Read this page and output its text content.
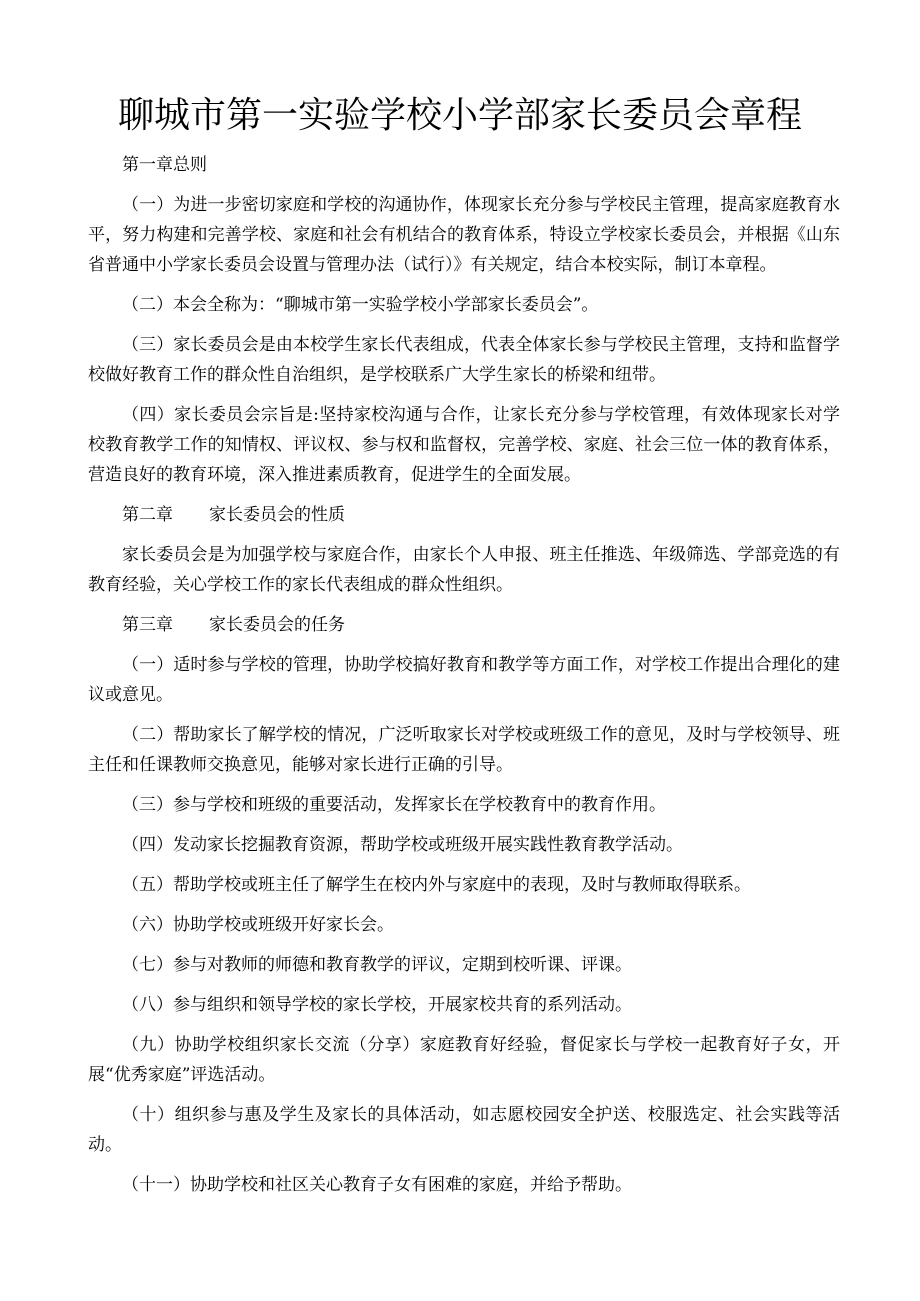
聊城市第一实验学校小学部家长委员会章程

第一章总则

（一）为进一步密切家庭和学校的沟通协作，体现家长充分参与学校民主管理，提高家庭教育水平，努力构建和完善学校、家庭和社会有机结合的教育体系，特设立学校家长委员会，并根据《山东省普通中小学家长委员会设置与管理办法（试行）》有关规定，结合本校实际，制订本章程。

（二）本会全称为：“聊城市第一实验学校小学部家长委员会”。

（三）家长委员会是由本校学生家长代表组成，代表全体家长参与学校民主管理，支持和监督学校做好教育工作的群众性自治组织，是学校联系广大学生家长的桥梁和纽带。

（四）家长委员会宗旨是:坚持家校沟通与合作，让家长充分参与学校管理，有效体现家长对学校教育教学工作的知情权、评议权、参与权和监督权，完善学校、家庭、社会三位一体的教育体系，营造良好的教育环境，深入推进素质教育，促进学生的全面发展。

第二章 家长委员会的性质

家长委员会是为加强学校与家庭合作，由家长个人申报、班主任推选、年级筛选、学部竞选的有教育经验，关心学校工作的家长代表组成的群众性组织。

第三章 家长委员会的任务

（一）适时参与学校的管理，协助学校搞好教育和教学等方面工作，对学校工作提出合理化的建议或意见。

（二）帮助家长了解学校的情况，广泛听取家长对学校或班级工作的意见，及时与学校领导、班主任和任课教师交换意见，能够对家长进行正确的引导。

（三）参与学校和班级的重要活动，发挥家长在学校教育中的教育作用。

（四）发动家长挖掘教育资源，帮助学校或班级开展实践性教育教学活动。

（五）帮助学校或班主任了解学生在校内外与家庭中的表现，及时与教师取得联系。

（六）协助学校或班级开好家长会。

（七）参与对教师的师德和教育教学的评议，定期到校听课、评课。

（八）参与组织和领导学校的家长学校，开展家校共育的系列活动。

（九）协助学校组织家长交流（分享）家庭教育好经验，督促家长与学校一起教育好子女，开展“优秀家庭”评选活动。

（十）组织参与惠及学生及家长的具体活动，如志愿校园安全护送、校服选定、社会实践等活动。

（十一）协助学校和社区关心教育子女有困难的家庭，并给予帮助。
